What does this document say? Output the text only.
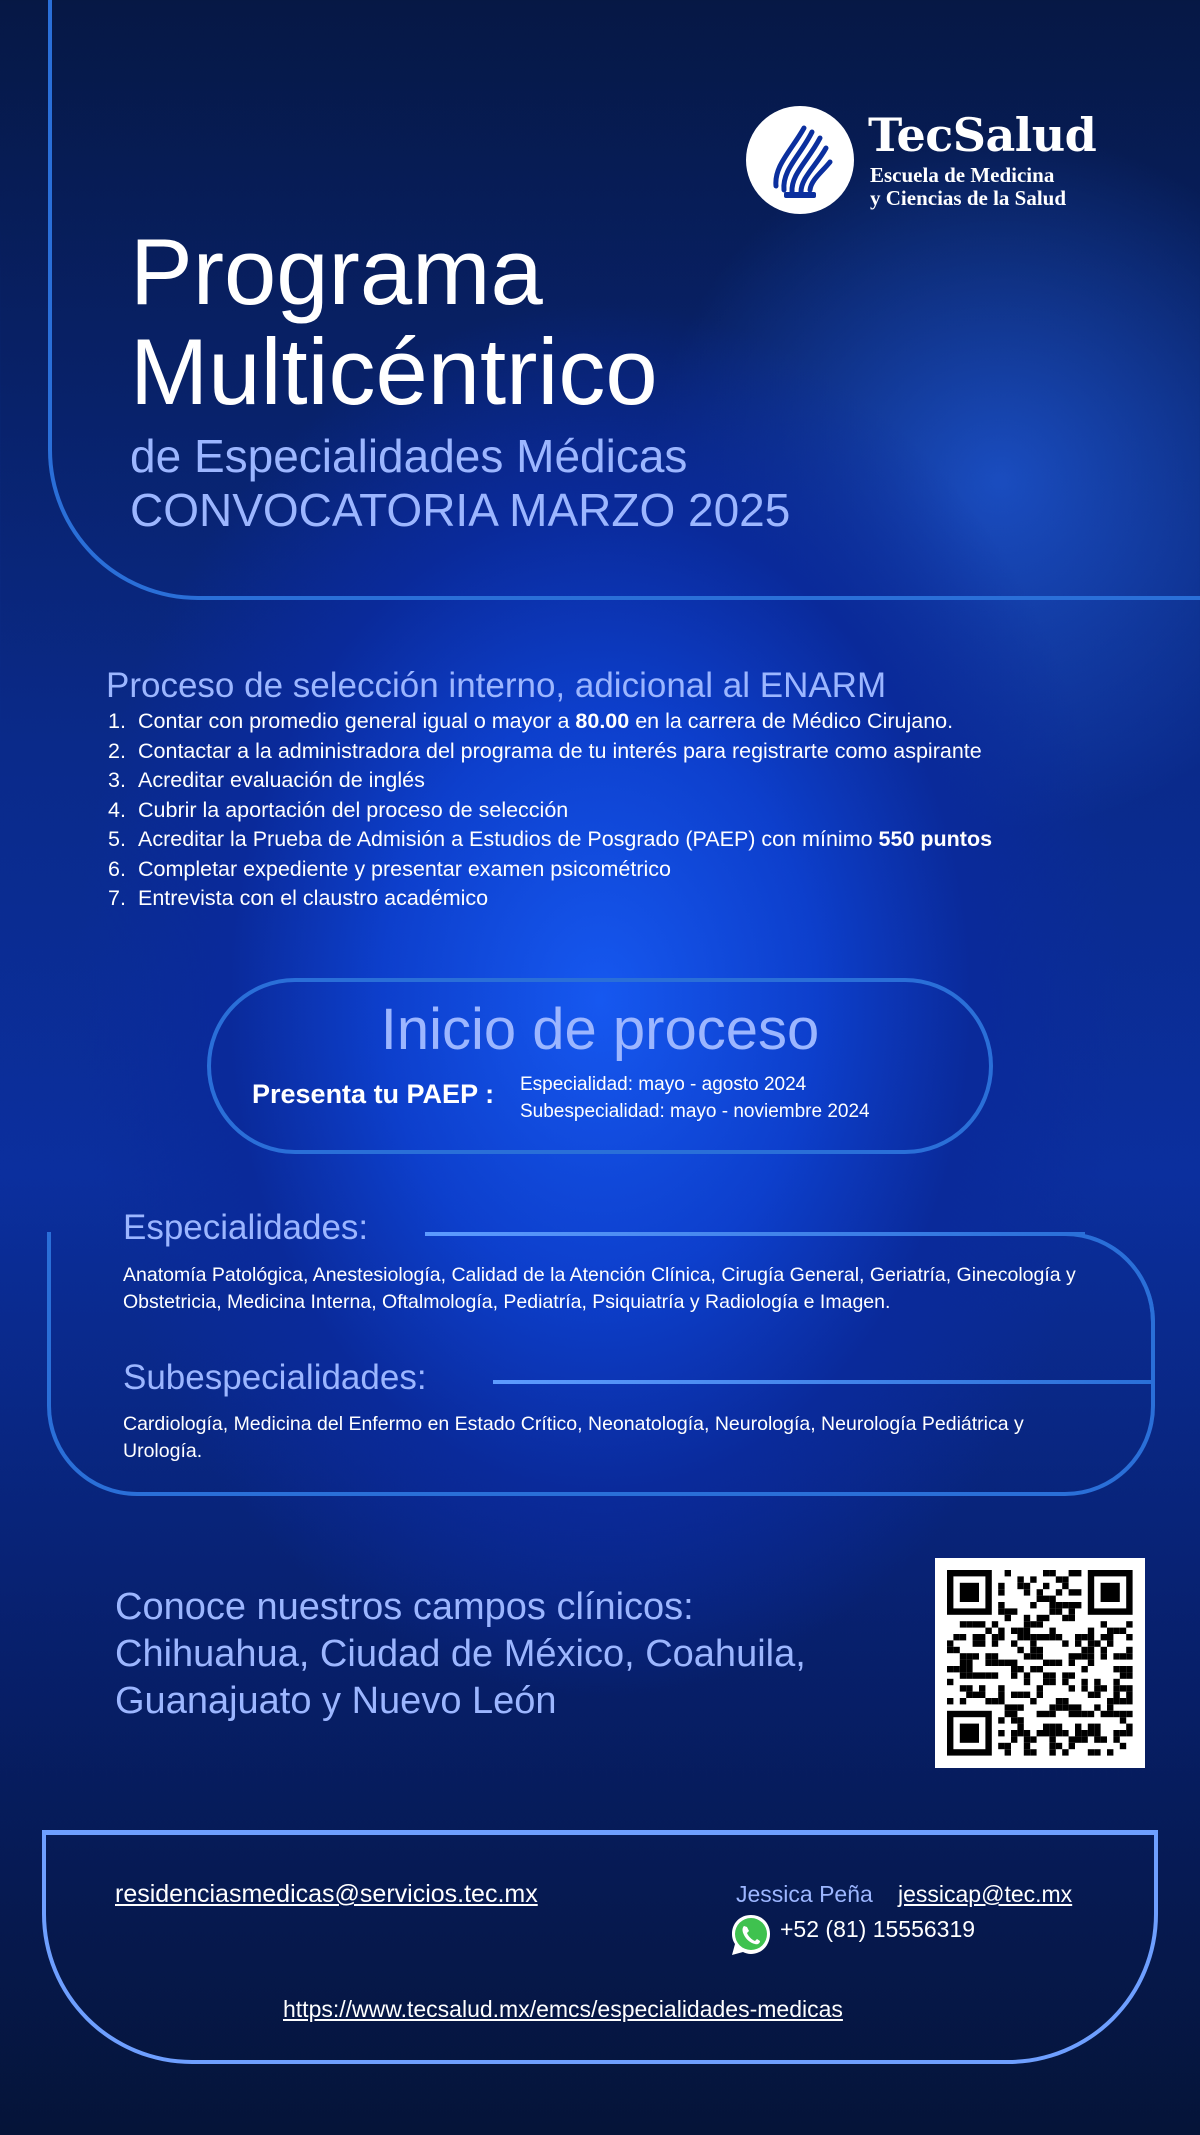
TecSalud
Escuela de Medicina
y Ciencias de la Salud
Programa
Multicéntrico
de Especialidades Médicas
CONVOCATORIA MARZO 2025
Proceso de selección interno, adicional al ENARM
1. Contar con promedio general igual o mayor a 80.00 en la carrera de Médico Cirujano.
2. Contactar a la administradora del programa de tu interés para registrarte como aspirante
3. Acreditar evaluación de inglés
4. Cubrir la aportación del proceso de selección
5. Acreditar la Prueba de Admisión a Estudios de Posgrado (PAEP) con mínimo 550 puntos
6. Completar expediente y presentar examen psicométrico
7. Entrevista con el claustro académico
Inicio de proceso
Presenta tu PAEP : Especialidad: mayo - agosto 2024
Subespecialidad: mayo - noviembre 2024
Especialidades:
Anatomía Patológica, Anestesiología, Calidad de la Atención Clínica, Cirugía General, Geriatría, Ginecología y Obstetricia, Medicina Interna, Oftalmología, Pediatría, Psiquiatría y Radiología e Imagen.
Subespecialidades:
Cardiología, Medicina del Enfermo en Estado Crítico, Neonatología, Neurología, Neurología Pediátrica y Urología.
Conoce nuestros campos clínicos:
Chihuahua, Ciudad de México, Coahuila,
Guanajuato y Nuevo León
residenciasmedicas@servicios.tec.mx	Jessica Peña jessicap@tec.mx
+52 (81) 15556319
https://www.tecsalud.mx/emcs/especialidades-medicas
